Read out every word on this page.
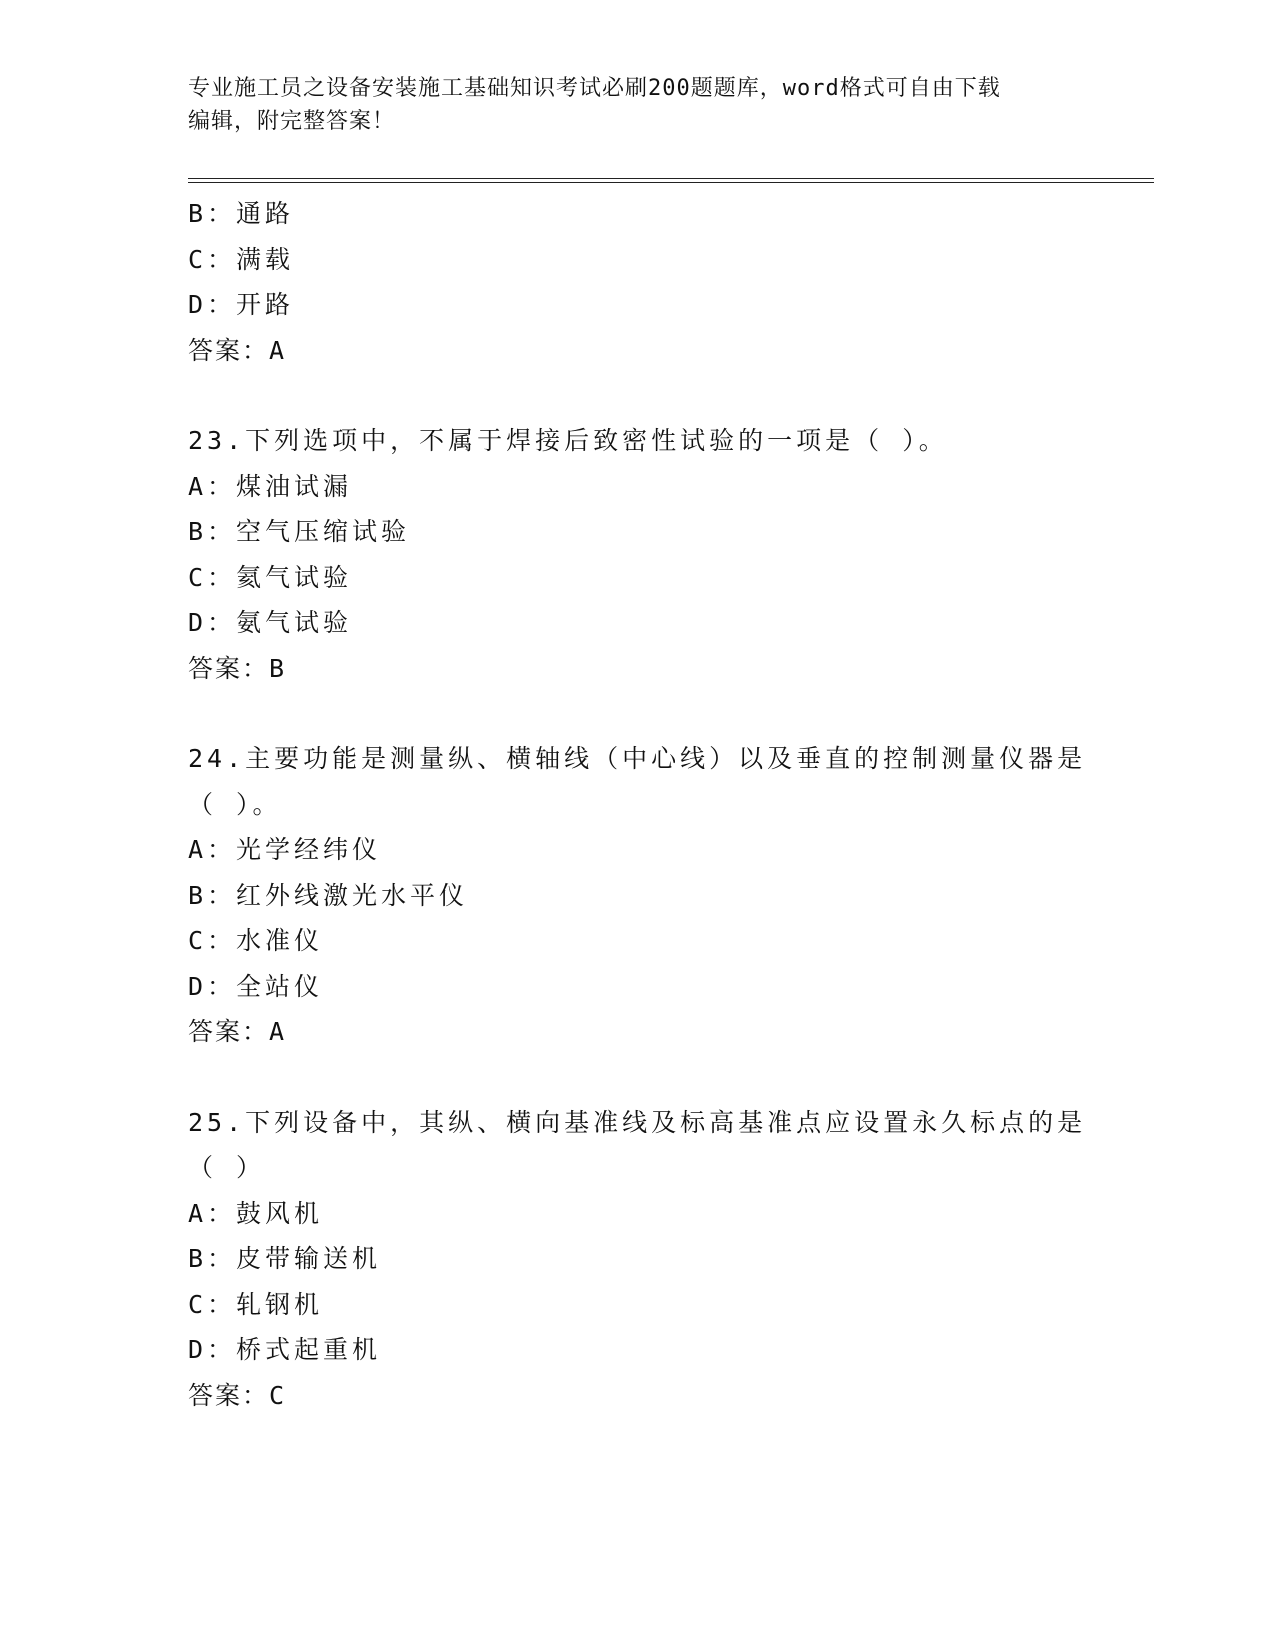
专业施工员之设备安装施工基础知识考试必刷200题题库，word格式可自由下载
编辑，附完整答案！
B：通路
C：满载
D：开路
答案：A
23.下列选项中，不属于焊接后致密性试验的一项是（ ）。
A：煤油试漏
B：空气压缩试验
C：氦气试验
D：氨气试验
答案：B
24.主要功能是测量纵、横轴线（中心线）以及垂直的控制测量仪器是
（ ）。
A：光学经纬仪
B：红外线激光水平仪
C：水准仪
D：全站仪
答案：A
25.下列设备中，其纵、横向基准线及标高基准点应设置永久标点的是
（ ）
A：鼓风机
B：皮带输送机
C：轧钢机
D：桥式起重机
答案：C
